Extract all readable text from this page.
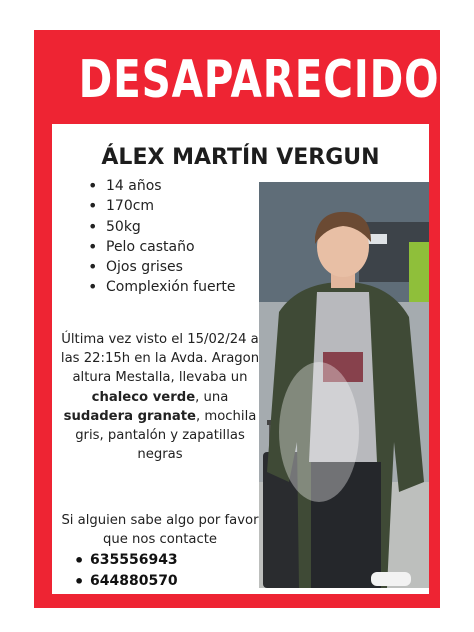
DESAPARECIDO
ÁLEX MARTÍN VERGUN
• 14 años
• 170cm
• 50kg
• Pelo castaño
• Ojos grises
• Complexión fuerte
Última vez visto el 15/02/24 a las 22:15h en la Avda. Aragon altura Mestalla, llevaba un chaleco verde, una sudadera granate, mochila gris, pantalón y zapatillas negras
Si alguien sabe algo por favor que nos contacte
• 635556943
• 644880570
